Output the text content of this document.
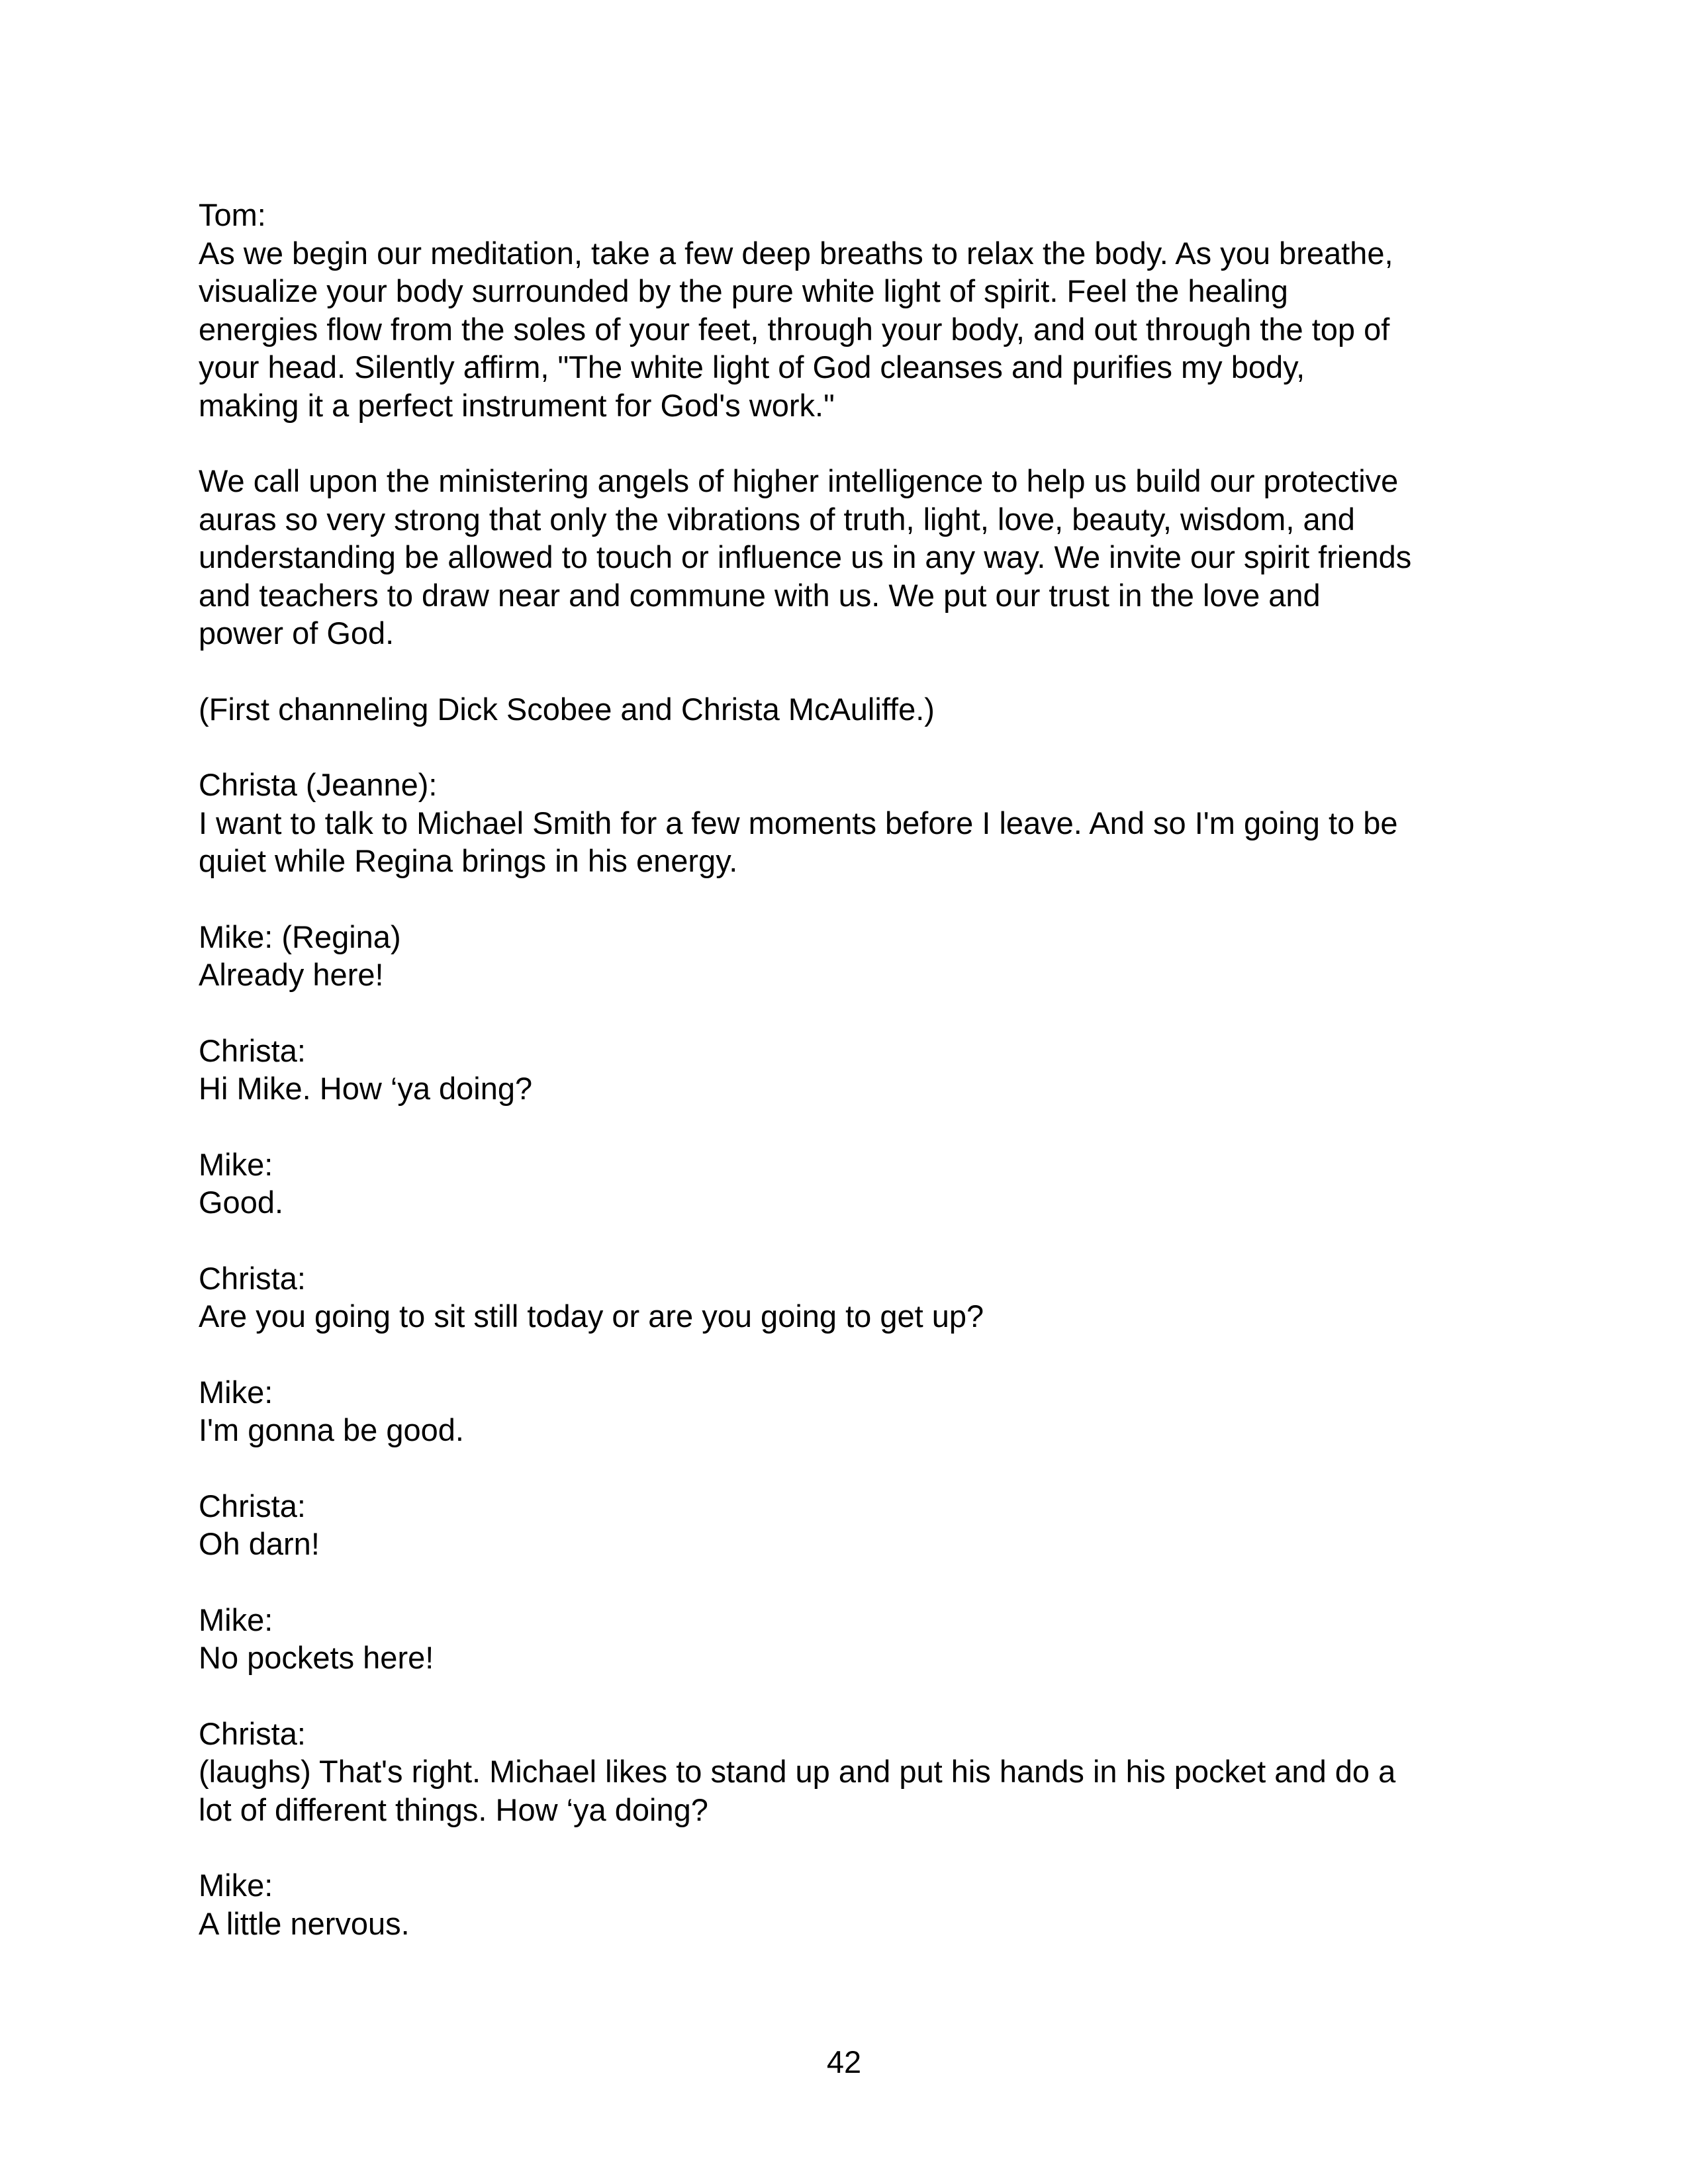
Tom:

As we begin our meditation, take a few deep breaths to relax the body. As you breathe,

visualize your body surrounded by the pure white light of spirit. Feel the healing

energies flow from the soles of your feet, through your body, and out through the top of

your head. Silently affirm, "The white light of God cleanses and purifies my body,

making it a perfect instrument for God's work."

We call upon the ministering angels of higher intelligence to help us build our protective

auras so very strong that only the vibrations of truth, light, love, beauty, wisdom, and

understanding be allowed to touch or influence us in any way. We invite our spirit friends

and teachers to draw near and commune with us. We put our trust in the love and

power of God.

(First channeling Dick Scobee and Christa McAuliffe.)

Christa (Jeanne):

I want to talk to Michael Smith for a few moments before I leave. And so I'm going to be

quiet while Regina brings in his energy.

Mike: (Regina)

Already here!

Christa:

Hi Mike. How ‘ya doing?

Mike:

Good.

Christa:

Are you going to sit still today or are you going to get up?

Mike:

I'm gonna be good.

Christa:

Oh darn!

Mike:

No pockets here!

Christa:

(laughs) That's right. Michael likes to stand up and put his hands in his pocket and do a

lot of different things. How ‘ya doing?

Mike:

A little nervous.

42
